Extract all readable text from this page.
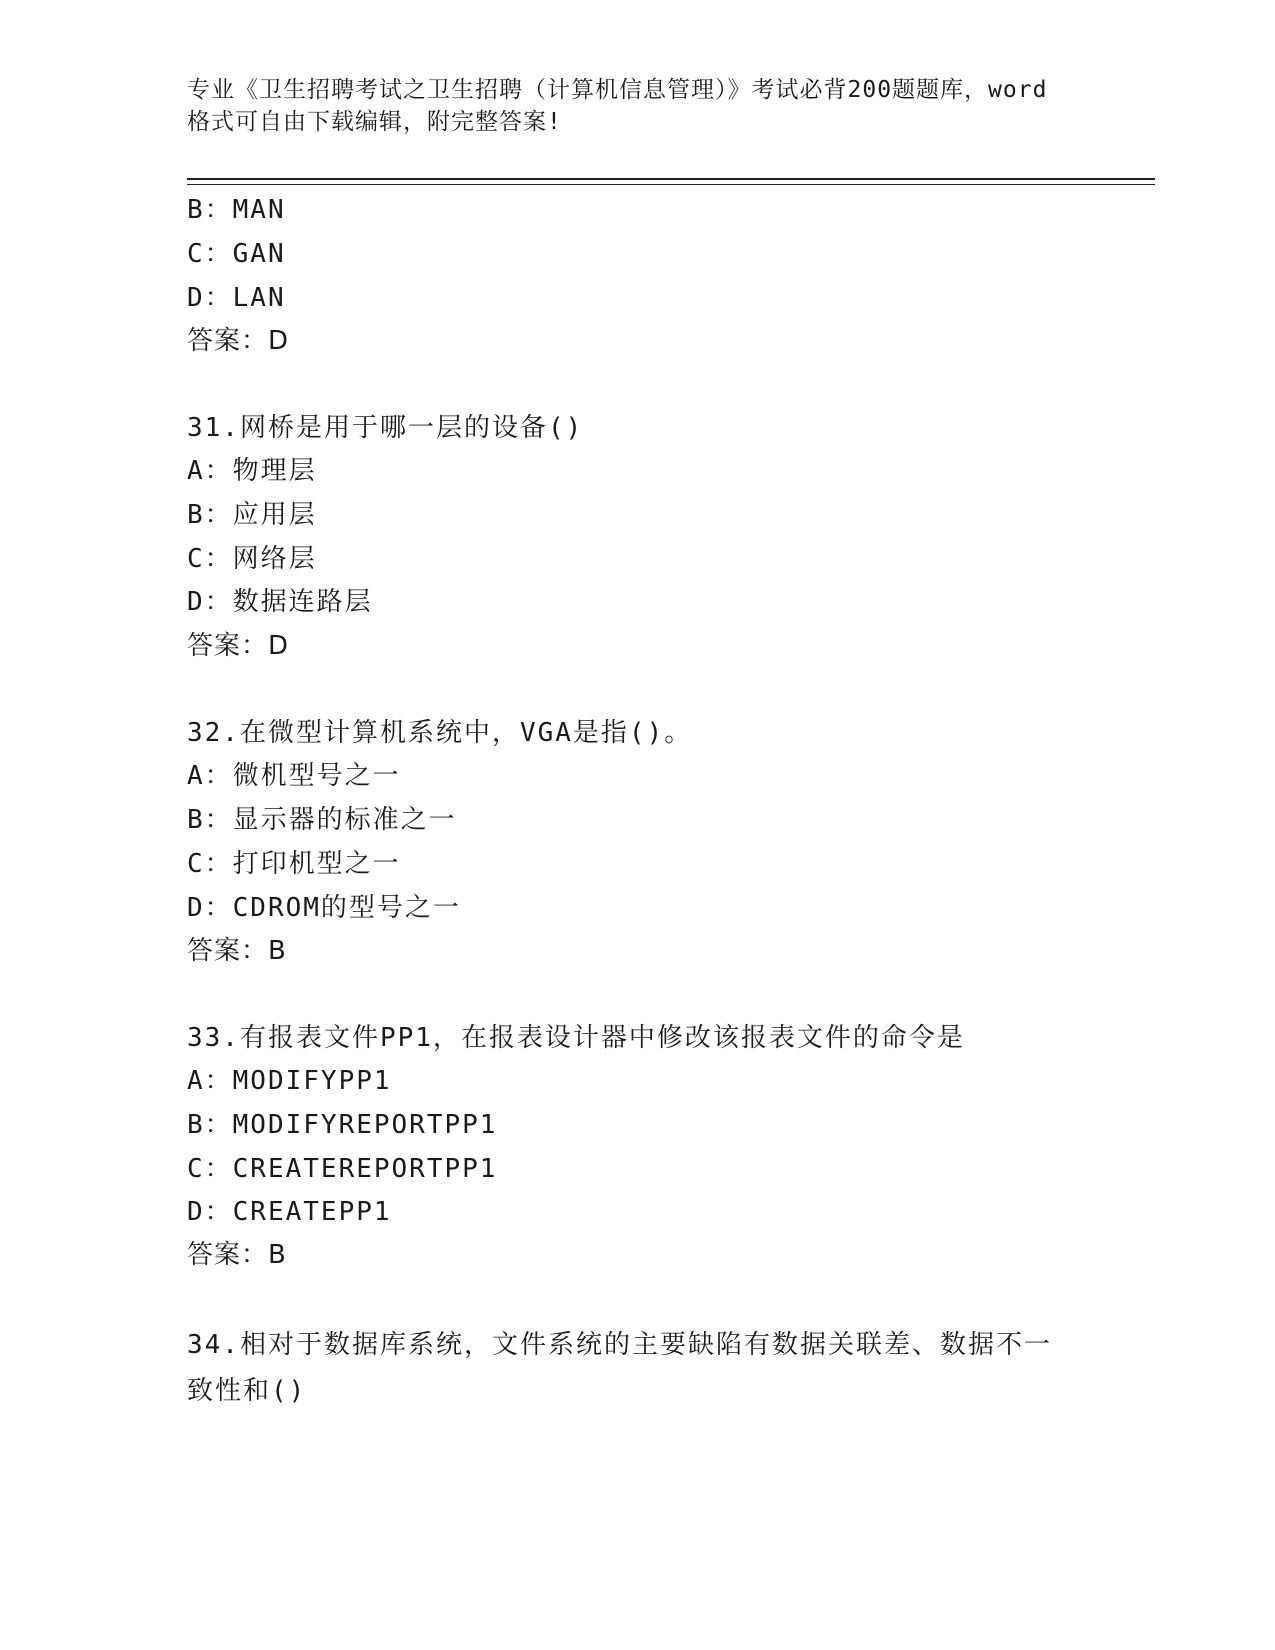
专业《卫生招聘考试之卫生招聘（计算机信息管理）》考试必背200题题库，word
格式可自由下载编辑，附完整答案!
B：MAN
C：GAN
D：LAN
答案：D
31.网桥是用于哪一层的设备()
A：物理层
B：应用层
C：网络层
D：数据连路层
答案：D
32.在微型计算机系统中，VGA是指()。
A：微机型号之一
B：显示器的标准之一
C：打印机型之一
D：CDROM的型号之一
答案：B
33.有报表文件PP1，在报表设计器中修改该报表文件的命令是
A：MODIFYPP1
B：MODIFYREPORTPP1
C：CREATEREPORTPP1
D：CREATEPP1
答案：B
34.相对于数据库系统，文件系统的主要缺陷有数据关联差、数据不一致性和()
